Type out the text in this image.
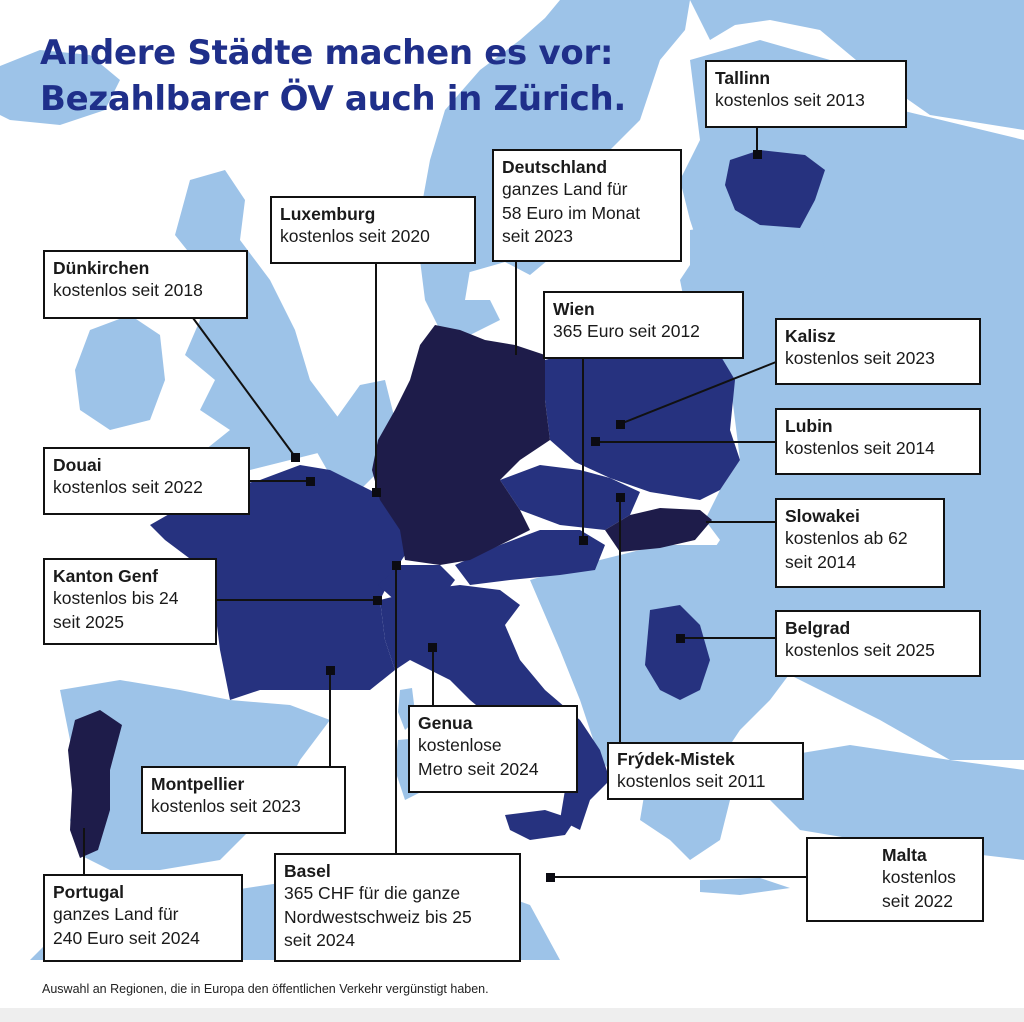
Andere Städte machen es vor:
Bezahlbarer ÖV auch in Zürich.
Tallinn
kostenlos seit 2013
Deutschland
ganzes Land für
58 Euro im Monat
seit 2023
Luxemburg
kostenlos seit 2020
Dünkirchen
kostenlos seit 2018
Wien
365 Euro seit 2012	Kalisz
kostenlos seit 2023
Lubin
kostenlos seit 2014
Douai
kostenlos seit 2022
Slowakei
kostenlos ab 62
seit 2014
Kanton Genf
kostenlos bis 24
seit 2025	Belgrad
kostenlos seit 2025
Genua
kostenlose
Metro seit 2024	Frýdek-Mistek
kostenlos seit 2011
Montpellier
kostenlos seit 2023
Malta
kostenlos
seit 2022
Basel
365 CHF für die ganze
Nordwestschweiz bis 25
seit 2024
Portugal
ganzes Land für
240 Euro seit 2024
Auswahl an Regionen, die in Europa den öffentlichen Verkehr vergünstigt haben.
